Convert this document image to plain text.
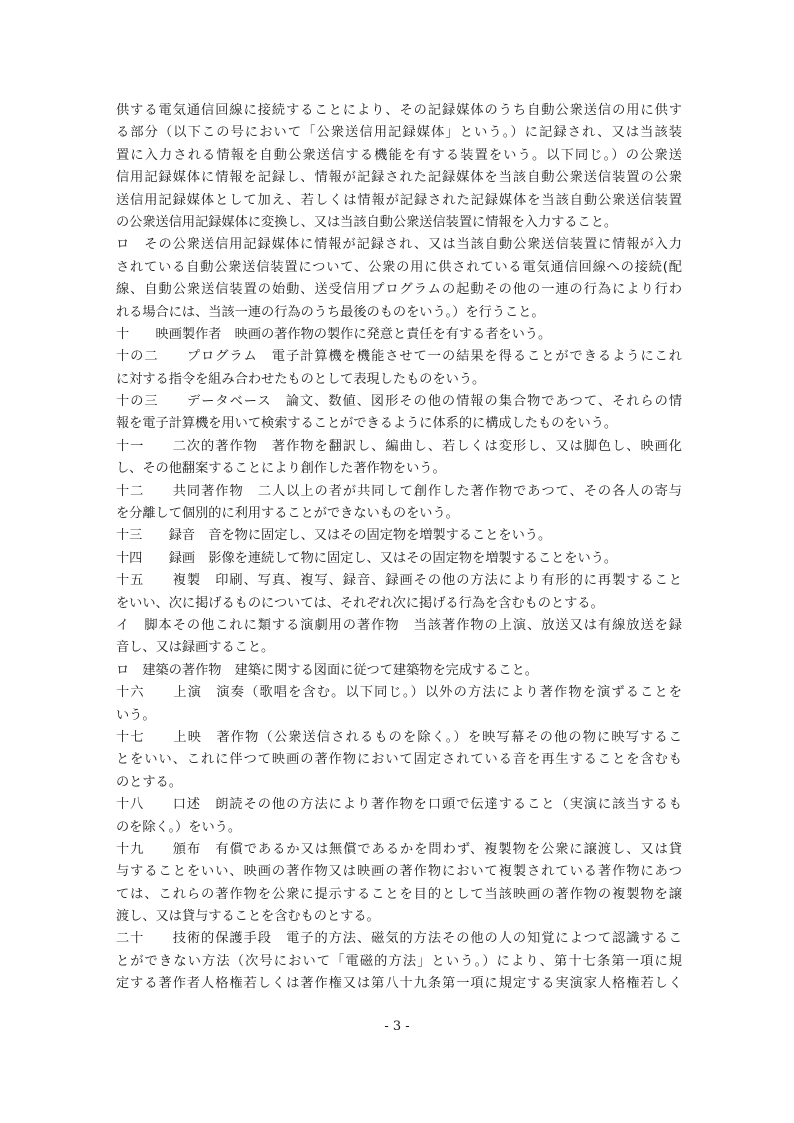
供する電気通信回線に接続することにより、その記録媒体のうち自動公衆送信の用に供す
る部分（以下この号において「公衆送信用記録媒体」という。）に記録され、又は当該装
置に入力される情報を自動公衆送信する機能を有する装置をいう。以下同じ。）の公衆送
信用記録媒体に情報を記録し、情報が記録された記録媒体を当該自動公衆送信装置の公衆
送信用記録媒体として加え、若しくは情報が記録された記録媒体を当該自動公衆送信装置
の公衆送信用記録媒体に変換し、又は当該自動公衆送信装置に情報を入力すること。
ロ　その公衆送信用記録媒体に情報が記録され、又は当該自動公衆送信装置に情報が入力
されている自動公衆送信装置について、公衆の用に供されている電気通信回線への接続(配
線、自動公衆送信装置の始動、送受信用プログラムの起動その他の一連の行為により行わ
れる場合には、当該一連の行為のうち最後のものをいう。）を行うこと。
十　　映画製作者　映画の著作物の製作に発意と責任を有する者をいう。
十の二　　プログラム　電子計算機を機能させて一の結果を得ることができるようにこれ
に対する指令を組み合わせたものとして表現したものをいう。
十の三　　データベース　論文、数値、図形その他の情報の集合物であつて、それらの情
報を電子計算機を用いて検索することができるように体系的に構成したものをいう。
十一　　二次的著作物　著作物を翻訳し、編曲し、若しくは変形し、又は脚色し、映画化
し、その他翻案することにより創作した著作物をいう。
十二　　共同著作物　二人以上の者が共同して創作した著作物であつて、その各人の寄与
を分離して個別的に利用することができないものをいう。
十三　　録音　音を物に固定し、又はその固定物を増製することをいう。
十四　　録画　影像を連続して物に固定し、又はその固定物を増製することをいう。
十五　　複製　印刷、写真、複写、録音、録画その他の方法により有形的に再製すること
をいい、次に掲げるものについては、それぞれ次に掲げる行為を含むものとする。
イ　脚本その他これに類する演劇用の著作物　当該著作物の上演、放送又は有線放送を録
音し、又は録画すること。
ロ　建築の著作物　建築に関する図面に従つて建築物を完成すること。
十六　　上演　演奏（歌唱を含む。以下同じ。）以外の方法により著作物を演ずることを
いう。
十七　　上映　著作物（公衆送信されるものを除く。）を映写幕その他の物に映写するこ
とをいい、これに伴つて映画の著作物において固定されている音を再生することを含むも
のとする。
十八　　口述　朗読その他の方法により著作物を口頭で伝達すること（実演に該当するも
のを除く。）をいう。
十九　　頒布　有償であるか又は無償であるかを問わず、複製物を公衆に譲渡し、又は貸
与することをいい、映画の著作物又は映画の著作物において複製されている著作物にあつ
ては、これらの著作物を公衆に提示することを目的として当該映画の著作物の複製物を譲
渡し、又は貸与することを含むものとする。
二十　　技術的保護手段　電子的方法、磁気的方法その他の人の知覚によつて認識するこ
とができない方法（次号において「電磁的方法」という。）により、第十七条第一項に規
定する著作者人格権若しくは著作権又は第八十九条第一項に規定する実演家人格権若しく
- 3 -
